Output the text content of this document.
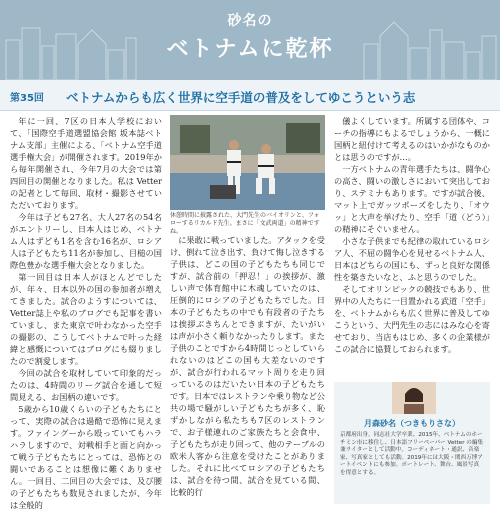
砂名の
ベトナムに乾杯
第35回 ベトナムからも広く世界に空手道の普及をしてゆこうという志

年に一回、7区の日本人学校において、「国際空手道選盟協会館 坂本誌ベトナム支部」主催による、「ベトナム空手道選手権大会」が開催されます。2019年から毎年開催され、今年7月の大会では第四回目の開催となりました。私は Vetterの記者として毎回、取材・撮影させていただいております。

今年は子ども27名、大人27名の54名がエントリーし、日本人はじめ、ベトナム人はずども1名を含む16名が、ロシア人は子どもたち11名が参加し、目槌の国際色豊かな選手権大会となりました。

第一回目は日本人がほとんどでしたが、年々、日本以外の国の参加者が増えてきました。試合のようすについては、Vetter誌上や私のブログでも記事を書いていまし、また東京で叶わなかった空手の撮影の、こうしてベトナムで叶った経緯と感慨についてはブログにも綴りましたので割愛します。

今回の試合を取材していて印象的だったのは、4時間のリーグ試合を通して短間見える、お国柄の違いです。

5歳から10歳くらいの子どもたちにとって、実際の試合は過酷で恐怖に見えます。ファイングーから殴っていてもハラハラしますので、対戦相手と面と向かって戦う子どもたちにとっては、恐怖との闘いであることは想像に難くありません。一回目、二回目の大会では、及び腰の子どもたちも数見されましたが、今年は全般的

休憩時間に披露された、大門先生のバイオリンと、フォローするリカルド先生。まさに「文武両道」の精神ですね。

に果敢に戦っていました。アタックを受け、倒れて泣き出す、負けて悔し泣きする子供は、どこの国の子どもたちも同じですが、試合前の「押忍！」の挨拶が、激しい声で体育館中に木魂していたのは、圧倒的にロシアの子どもたちでした。日本の子どもたちの中でも有段者の子たちは挨拶ぶきちんとできますが、たいがいは声が小さく頼りなかったりします。また子供のことですから4時間じっとしていられないのはどこの国も大差ないのですが、試合が行われるマット周りを走り回っているのはだいたい日本の子どもたちです。日本ではレストランや乗り物など公共の場で騒がしい子どもたちが多く、恥ずかしながら私たちも7区のレストランで、お子様連れのご家族たちと会食中、子どもたちが走り回って、他のテーブルの欧米人客から注意を受けたことがありました。それに比べてロシアの子どもたちは、試合を待つ間、試合を見ている間、比較的行

儀よくしています。所属する団体や、コーチの指導にもよるでしょうから、一概に国柄と紐付けて考えるのはいかがなものかとは思うのですが…。

一方ベトナムの青年選手たちは、闘争心の高さ、闘いの激しさにおいて突出しており、ステミナもあります。ですが試合後、マット上でガッツポーズをしたり、「オウッ」と大声を挙げたり、空手「道（どう）」の精神にそぐいません。

小さな子供までも紀律の取れているロシア人、不屈の闘争心を見せるベトナム人、日本はどちらの国にも、ずっと良好な関係性を築きたいなと、ふと思うのでした。

そしてオリンピックの競技でもあり、世界中の人たちに一目置かれる武道「空手」を、ベトナムからも広く世界に普及してゆこうという、大門先生の志にはみな心を寄せており、当店もはじめ、多くの企業様がこの試合に協賛しておられます。

月森砂名（つきもりさな）
京都府出身。同志社大学卒業。2015年、ベトナムのホーチミン市に移住し、日本語フリーペーパー Vetter の編集兼ライターとして活動中。コーディネート・通訳、音楽家、写真家としても活動。2019年には大阪・関西万博アートイベントにも参加。ポートレート、舞台、風景写真を得意とする。
